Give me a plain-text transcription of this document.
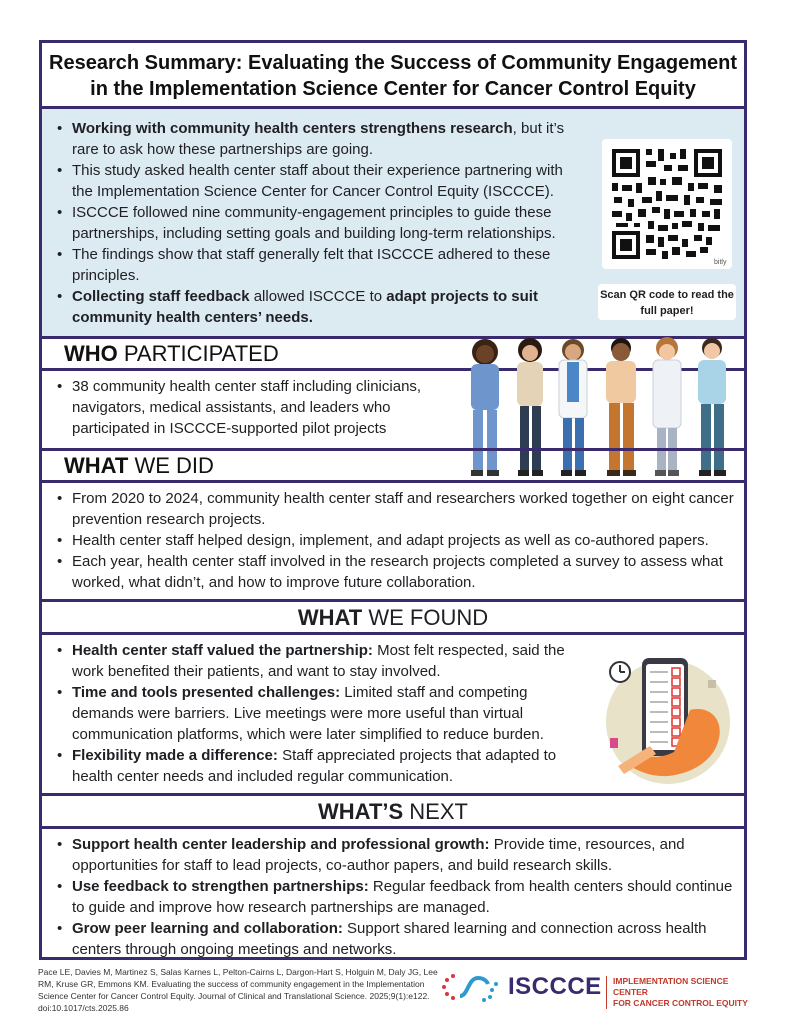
Research Summary: Evaluating the Success of Community Engagement
in the Implementation Science Center for Cancer Control Equity
• Working with community health centers strengthens research, but it’s rare to ask how these partnerships are going.
• This study asked health center staff about their experience partnering with the Implementation Science Center for Cancer Control Equity (ISCCCE).
• ISCCCE followed nine community-engagement principles to guide these partnerships, including setting goals and building long-term relationships.
• The findings show that staff generally felt that ISCCCE adhered to these principles.
• Collecting staff feedback allowed ISCCCE to adapt projects to suit community health centers’ needs.
bitly
Scan QR code to read the full paper!
WHO PARTICIPATED
• 38 community health center staff including clinicians, navigators, medical assistants, and leaders who participated in ISCCCE-supported pilot projects
WHAT WE DID
• From 2020 to 2024, community health center staff and researchers worked together on eight cancer prevention research projects.
• Health center staff helped design, implement, and adapt projects as well as co-authored papers.
• Each year, health center staff involved in the research projects completed a survey to assess what worked, what didn’t, and how to improve future collaboration.
WHAT WE FOUND
• Health center staff valued the partnership: Most felt respected, said the work benefited their patients, and want to stay involved.
• Time and tools presented challenges: Limited staff and competing demands were barriers. Live meetings were more useful than virtual communication platforms, which were later simplified to reduce burden.
• Flexibility made a difference: Staff appreciated projects that adapted to health center needs and included regular communication.
WHAT’S NEXT
• Support health center leadership and professional growth: Provide time, resources, and opportunities for staff to lead projects, co-author papers, and build research skills.
• Use feedback to strengthen partnerships: Regular feedback from health centers should continue to guide and improve how research partnerships are managed.
• Grow peer learning and collaboration: Support shared learning and connection across health centers through ongoing meetings and networks.
Pace LE, Davies M, Martinez S, Salas Karnes L, Pelton-Cairns L, Dargon-Hart S, Holguin M, Daly JG, Lee RM, Kruse GR, Emmons KM. Evaluating the success of community engagement in the Implementation Science Center for Cancer Control Equity. Journal of Clinical and Translational Science. 2025;9(1):e122. doi:10.1017/cts.2025.86
ISCCCE IMPLEMENTATION SCIENCE CENTER
FOR CANCER CONTROL EQUITY
